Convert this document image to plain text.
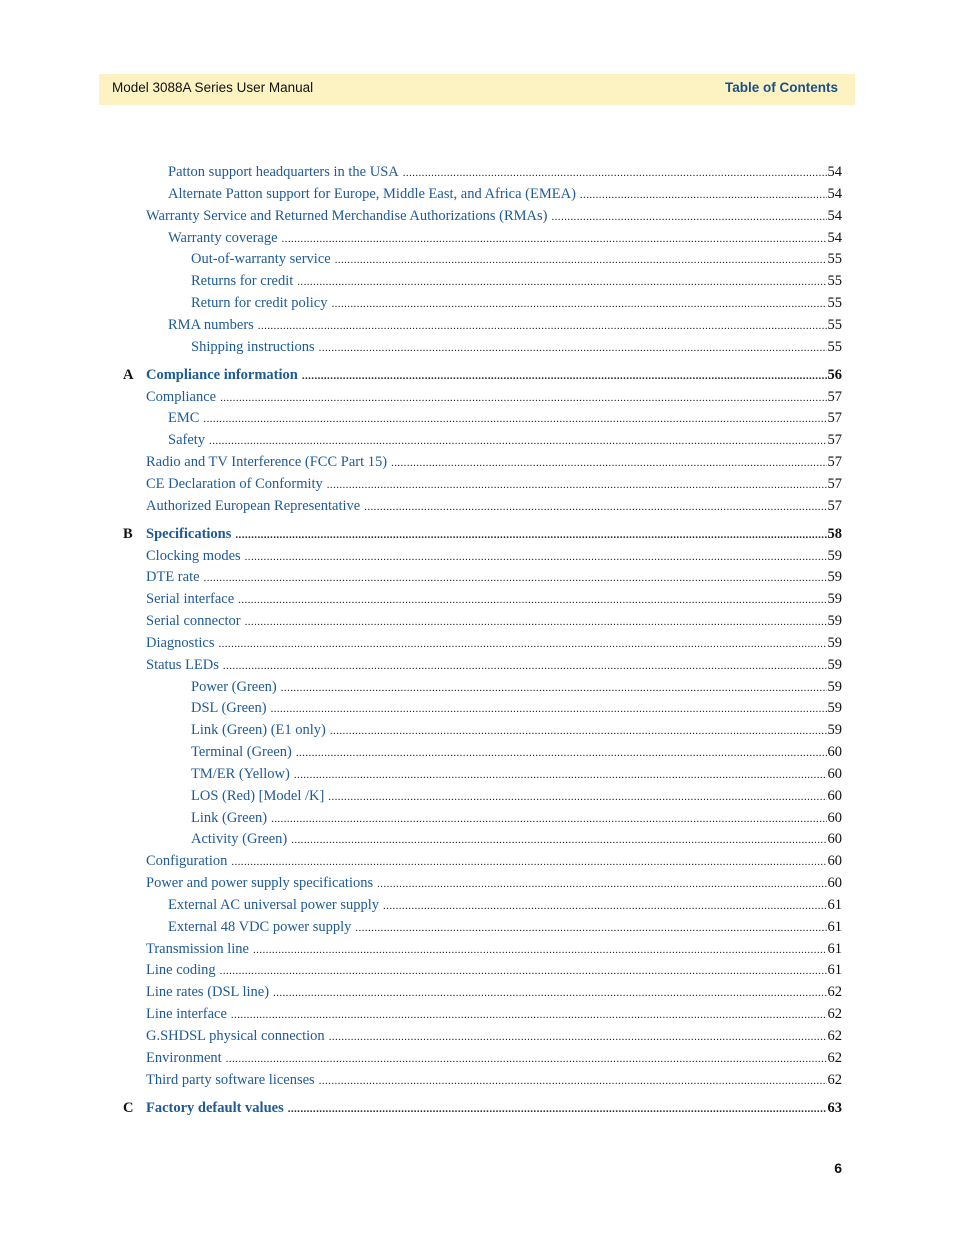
Model 3088A Series User Manual	Table of Contents
Patton support headquarters in the USA .....	54
Alternate Patton support for Europe, Middle East, and Africa (EMEA) .....	54
Warranty Service and Returned Merchandise Authorizations (RMAs) .....	54
Warranty coverage .....	54
Out-of-warranty service .....	55
Returns for credit .....	55
Return for credit policy .....	55
RMA numbers .....	55
Shipping instructions .....	55
A Compliance information .....	56
Compliance .....	57
EMC .....	57
Safety .....	57
Radio and TV Interference (FCC Part 15) .....	57
CE Declaration of Conformity .....	57
Authorized European Representative .....	57
B Specifications .....	58
Clocking modes .....	59
DTE rate .....	59
Serial interface .....	59
Serial connector .....	59
Diagnostics .....	59
Status LEDs .....	59
Power (Green) .....	59
DSL (Green) .....	59
Link (Green) (E1 only) .....	59
Terminal (Green) .....	60
TM/ER (Yellow) .....	60
LOS (Red) [Model /K] .....	60
Link (Green) .....	60
Activity (Green) .....	60
Configuration .....	60
Power and power supply specifications .....	60
External AC universal power supply .....	61
External 48 VDC power supply .....	61
Transmission line .....	61
Line coding .....	61
Line rates (DSL line) .....	62
Line interface .....	62
G.SHDSL physical connection .....	62
Environment .....	62
Third party software licenses .....	62
C Factory default values .....	63
6
